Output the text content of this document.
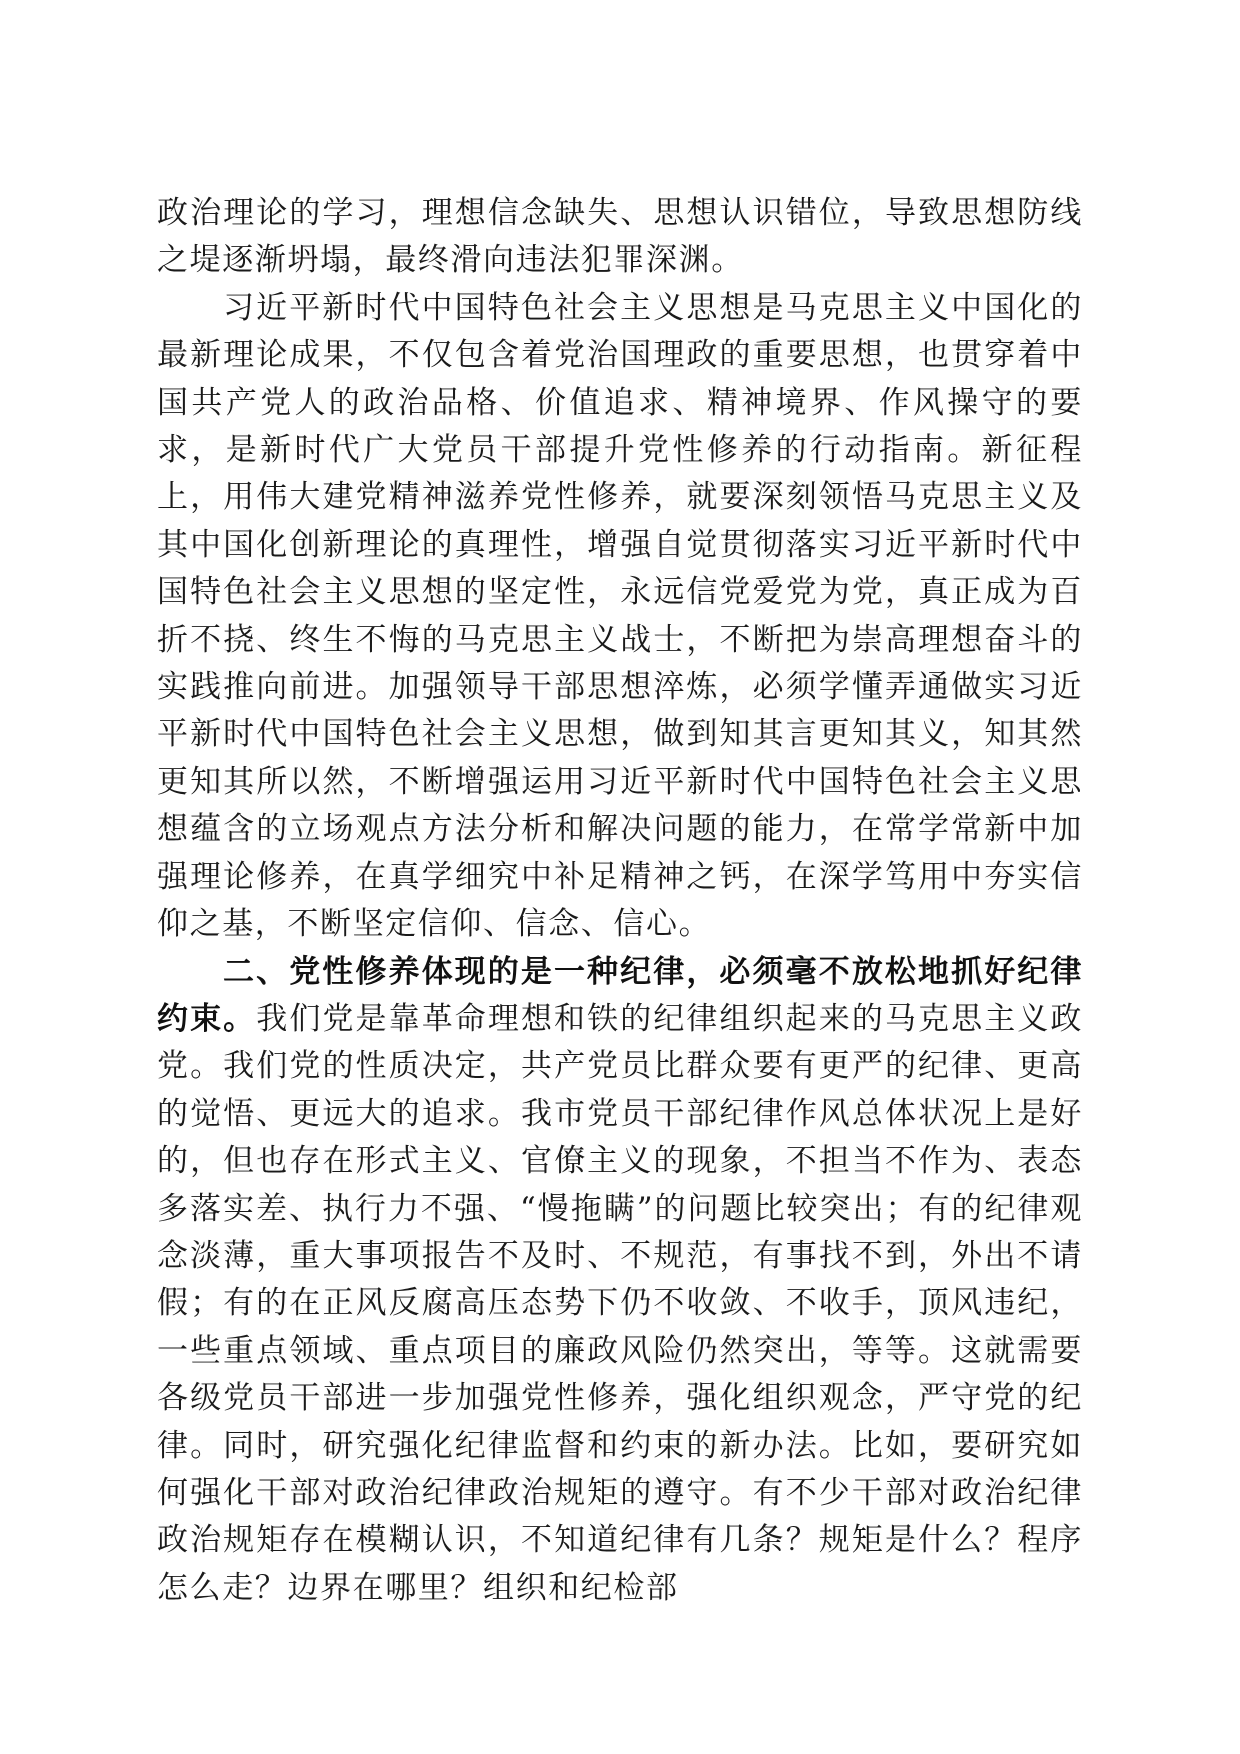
政治理论的学习，理想信念缺失、思想认识错位，导致思想防线之堤逐渐坍塌，最终滑向违法犯罪深渊。

习近平新时代中国特色社会主义思想是马克思主义中国化的最新理论成果，不仅包含着党治国理政的重要思想，也贯穿着中国共产党人的政治品格、价值追求、精神境界、作风操守的要求，是新时代广大党员干部提升党性修养的行动指南。新征程上，用伟大建党精神滋养党性修养，就要深刻领悟马克思主义及其中国化创新理论的真理性，增强自觉贯彻落实习近平新时代中国特色社会主义思想的坚定性，永远信党爱党为党，真正成为百折不挠、终生不悔的马克思主义战士，不断把为崇高理想奋斗的实践推向前进。加强领导干部思想淬炼，必须学懂弄通做实习近平新时代中国特色社会主义思想，做到知其言更知其义，知其然更知其所以然，不断增强运用习近平新时代中国特色社会主义思想蕴含的立场观点方法分析和解决问题的能力，在常学常新中加强理论修养，在真学细究中补足精神之钙，在深学笃用中夯实信仰之基，不断坚定信仰、信念、信心。

二、党性修养体现的是一种纪律，必须毫不放松地抓好纪律约束。我们党是靠革命理想和铁的纪律组织起来的马克思主义政党。我们党的性质决定，共产党员比群众要有更严的纪律、更高的觉悟、更远大的追求。我市党员干部纪律作风总体状况上是好的，但也存在形式主义、官僚主义的现象，不担当不作为、表态多落实差、执行力不强、“慢拖瞒”的问题比较突出；有的纪律观念淡薄，重大事项报告不及时、不规范，有事找不到，外出不请假；有的在正风反腐高压态势下仍不收敛、不收手，顶风违纪，一些重点领域、重点项目的廉政风险仍然突出，等等。这就需要各级党员干部进一步加强党性修养，强化组织观念，严守党的纪律。同时，研究强化纪律监督和约束的新办法。比如，要研究如何强化干部对政治纪律政治规矩的遵守。有不少干部对政治纪律政治规矩存在模糊认识，不知道纪律有几条？规矩是什么？程序怎么走？边界在哪里？组织和纪检部
